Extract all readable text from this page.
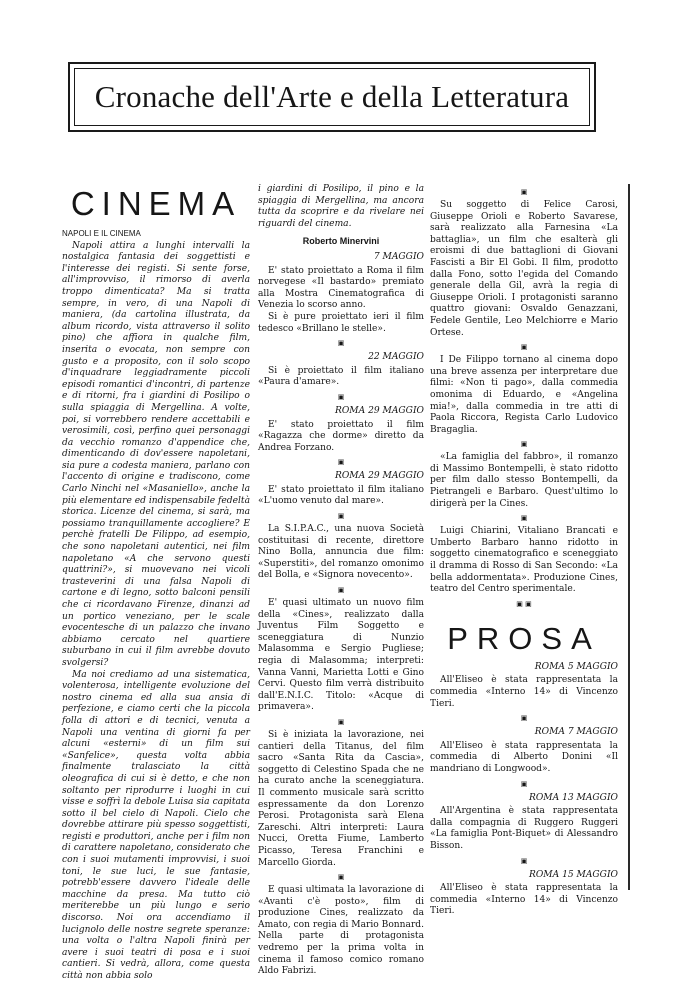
Cronache dell'Arte e della Letteratura
CINEMA
NAPOLI E IL CINEMA

Napoli attira a lunghi intervalli la nostalgica fantasia dei soggettisti e l'interesse dei registi. Si sente forse, all'improvviso, il rimorso di averla troppo dimenticata? Ma si tratta sempre, in vero, di una Napoli di maniera, (da cartolina illustrata, da album ricordo, vista attraverso il solito pino) che affiora in qualche film, inserita o evocata, non sempre con gusto e a proposito, con il solo scopo d'inquadrare leggiadramente piccoli episodi romantici d'incontri, di partenze e di ritorni, fra i giardini di Posilipo o sulla spiaggia di Mergellina. A volte, poi, si vorrebbero rendere accettabili e verosimili, così, perfino quei personaggi da vecchio romanzo d'appendice che, dimenticando di dov'essere napoletani, sia pure a codesta maniera, parlano con l'accento di origine e tradiscono, come Carlo Ninchi nel «Masaniello», anche la più elementare ed indispensabile fedeltà storica. Licenze del cinema, si sarà, ma possiamo tranquillamente accogliere? E perchè fratelli De Filippo, ad esempio, che sono napoletani autentici, nei film napoletano «A che servono questi quattrini?», si muovevano nei vicoli trasteverini di una falsa Napoli di cartone e di legno, sotto balconi pensili che ci ricordavano Firenze, dinanzi ad un portico veneziano, per le scale evocentesche di un palazzo che invano abbiamo cercato nel quartiere suburbano in cui il film avrebbe dovuto svolgersi?

Ma noi crediamo ad una sistematica, volenterosa, intelligente evoluzione del nostro cinema ed alla sua ansia di perfezione, e ciamo certi che la piccola folla di attori e di tecnici, venuta a Napoli una ventina di giorni fa per alcuni «esterni» di un film sui «Sanfelice», questa volta abbia finalmente tralasciato la città oleografica di cui si è detto, e che non soltanto per riprodurre i luoghi in cui visse e soffrì la debole Luisa sia capitata sotto il bel cielo di Napoli. Cielo che dovrebbe attirare più spesso soggettisti, registi e produttori, anche per i film non di carattere napoletano, considerato che con i suoi mutamenti improvvisi, i suoi toni, le sue luci, le sue fantasie, potrebb'essere davvero l'ideale delle macchine da presa. Ma tutto ciò meriterebbe un più lungo e serio discorso. Noi ora accendiamo il lucignolo delle nostre segrete speranze: una volta o l'altra Napoli finirà per avere i suoi teatri di posa e i suoi cantieri. Si vedrà, allora, come questa città non abbia solo

i giardini di Posilipo, il pino e la spiaggia di Mergellina, ma ancora tutta da scoprire e da rivelare nei riguardi del cinema.

Roberto Minervini
7 MAGGIO

E' stato proiettato a Roma il film norvegese «Il bastardo» premiato alla Mostra Cinematografica di Venezia lo scorso anno.

Si è pure proiettato ieri il film tedesco «Brillano le stelle».

▣
22 MAGGIO

Si è proiettato il film italiano «Paura d'amare».

▣
ROMA 29 MAGGIO

E' stato proiettato il film «Ragazza che dorme» diretto da Andrea Forzano.

▣
ROMA 29 MAGGIO

E' stato proiettato il film italiano «L'uomo venuto dal mare».

▣

La S.I.P.A.C., una nuova Società costituitasi di recente, direttore Nino Bolla, annuncia due film: «Superstiti», del romanzo omonimo del Bolla, e «Signora novecento».

▣

E' quasi ultimato un nuovo film della «Cines», realizzato dalla Juventus Film Soggetto e sceneggiatura di Nunzio Malasomma e Sergio Pugliese; regia di Malasomma; interpreti: Vanna Vanni, Marietta Lotti e Gino Cervi. Questo film verrà distribuito dall'E.N.I.C. Titolo: «Acque di primavera».

▣

Si è iniziata la lavorazione, nei cantieri della Titanus, del film sacro «Santa Rita da Cascia», soggetto di Celestino Spada che ne ha curato anche la sceneggiatura. Il commento musicale sarà scritto espressamente da don Lorenzo Perosi. Protagonista sarà Elena Zareschi. Altri interpreti: Laura Nucci, Oretta Fiume, Lamberto Picasso, Teresa Franchini e Marcello Giorda.

▣

E quasi ultimata la lavorazione di «Avanti c'è posto», film di produzione Cines, realizzato da Amato, con regia di Mario Bonnard. Nella parte di protagonista vedremo per la prima volta in cinema il famoso comico romano Aldo Fabrizi.

▣

Su soggetto di Felice Carosi, Giuseppe Orioli e Roberto Savarese, sarà realizzato alla Farnesina «La battaglia», un film che esalterà gli eroismi di due battaglioni di Giovani Fascisti a Bir El Gobi. Il film, prodotto dalla Fono, sotto l'egida del Comando generale della Gil, avrà la regia di Giuseppe Orioli. I protagonisti saranno quattro giovani: Osvaldo Genazzani, Fedele Gentile, Leo Melchiorre e Mario Ortese.

▣

I De Filippo tornano al cinema dopo una breve assenza per interpretare due filmi: «Non ti pago», dalla commedia omonima di Eduardo, e «Angelina mia!», dalla commedia in tre atti di Paola Riccora, Regista Carlo Ludovico Bragaglia.

▣

«La famiglia del fabbro», il romanzo di Massimo Bontempelli, è stato ridotto per film dallo stesso Bontempelli, da Pietrangeli e Barbaro. Quest'ultimo lo dirigerà per la Cines.

▣

Luigi Chiarini, Vitaliano Brancati e Umberto Barbaro hanno ridotto in soggetto cinematografico e sceneggiato il dramma di Rosso di San Secondo: «La bella addormentata». Produzione Cines, teatro del Centro sperimentale.

▣ ▣
PROSA
ROMA 5 MAGGIO

All'Eliseo è stata rappresentata la commedia «Interno 14» di Vincenzo Tieri.

▣
ROMA 7 MAGGIO

All'Eliseo è stata rappresentata la commedia di Alberto Donini «Il mandriano di Longwood».

▣
ROMA 13 MAGGIO

All'Argentina è stata rappresentata dalla compagnia di Ruggero Ruggeri «La famiglia Pont-Biquet» di Alessandro Bisson.

▣
ROMA 15 MAGGIO

All'Eliseo è stata rappresentata la commedia «Interno 14» di Vincenzo Tieri.
